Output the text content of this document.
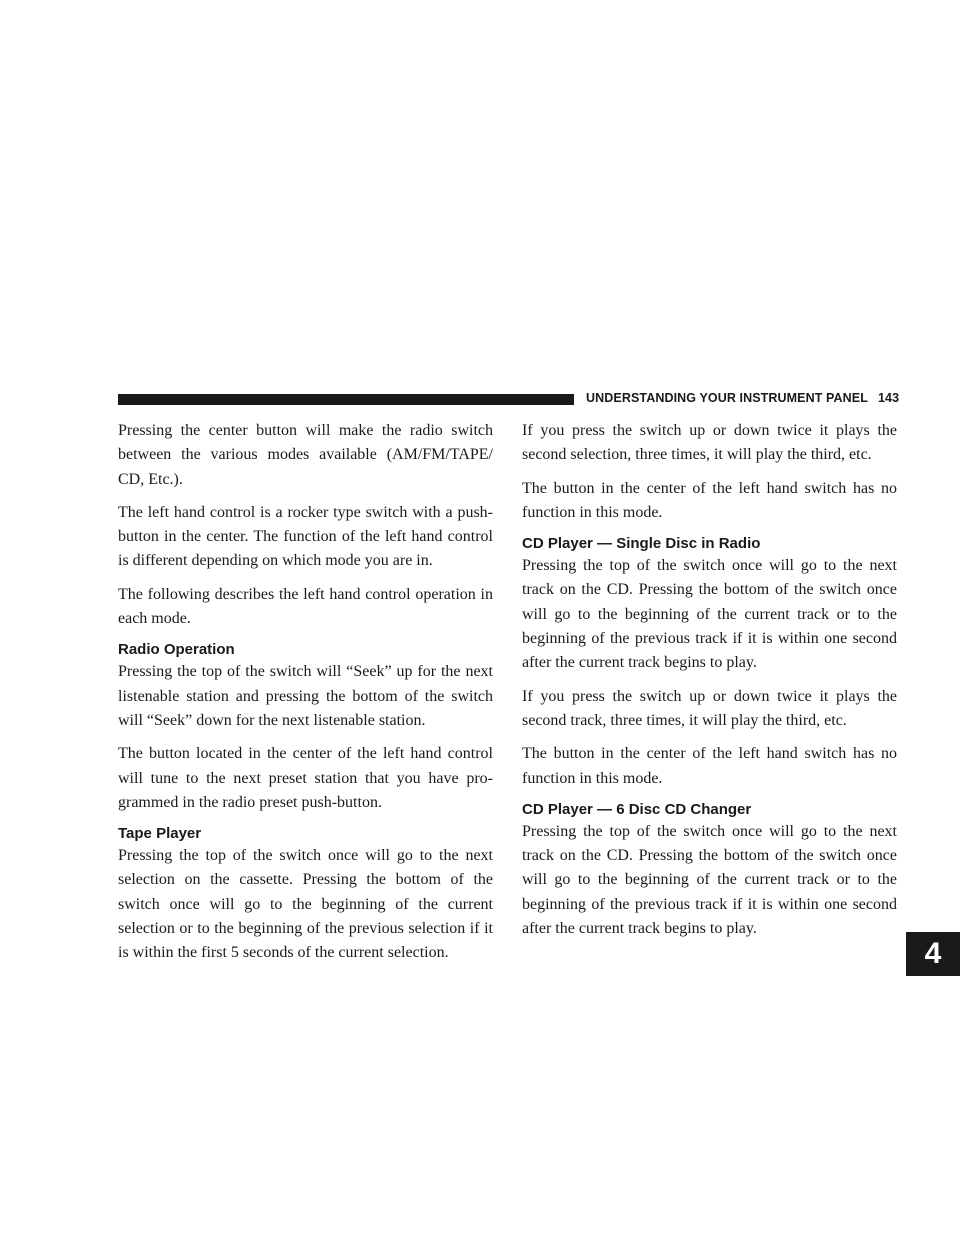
UNDERSTANDING YOUR INSTRUMENT PANEL 143

Pressing the center button will make the radio switch between the various modes available (AM/FM/TAPE/ CD, Etc.).

The left hand control is a rocker type switch with a push-button in the center. The function of the left hand control is different depending on which mode you are in.

The following describes the left hand control operation in each mode.

Radio Operation

Pressing the top of the switch will “Seek” up for the next listenable station and pressing the bottom of the switch will “Seek” down for the next listenable station.

The button located in the center of the left hand control will tune to the next preset station that you have pro- grammed in the radio preset push-button.

Tape Player

Pressing the top of the switch once will go to the next selection on the cassette. Pressing the bottom of the switch once will go to the beginning of the current selection or to the beginning of the previous selection if it is within the first 5 seconds of the current selection.

If you press the switch up or down twice it plays the second selection, three times, it will play the third, etc.

The button in the center of the left hand switch has no function in this mode.

CD Player — Single Disc in Radio

Pressing the top of the switch once will go to the next track on the CD. Pressing the bottom of the switch once will go to the beginning of the current track or to the beginning of the previous track if it is within one second after the current track begins to play.

If you press the switch up or down twice it plays the second track, three times, it will play the third, etc.

The button in the center of the left hand switch has no function in this mode.

CD Player — 6 Disc CD Changer

Pressing the top of the switch once will go to the next track on the CD. Pressing the bottom of the switch once will go to the beginning of the current track or to the beginning of the previous track if it is within one second after the current track begins to play.

4
